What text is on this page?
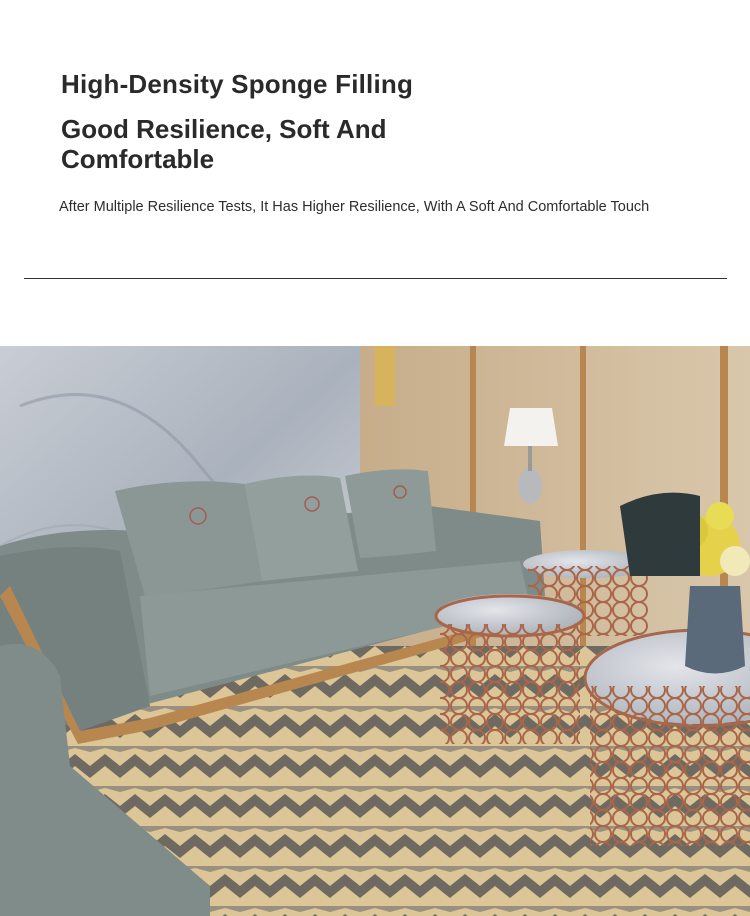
High-Density Sponge Filling
Good Resilience, Soft And Comfortable
After Multiple Resilience Tests, It Has Higher Resilience, With A Soft And Comfortable Touch
